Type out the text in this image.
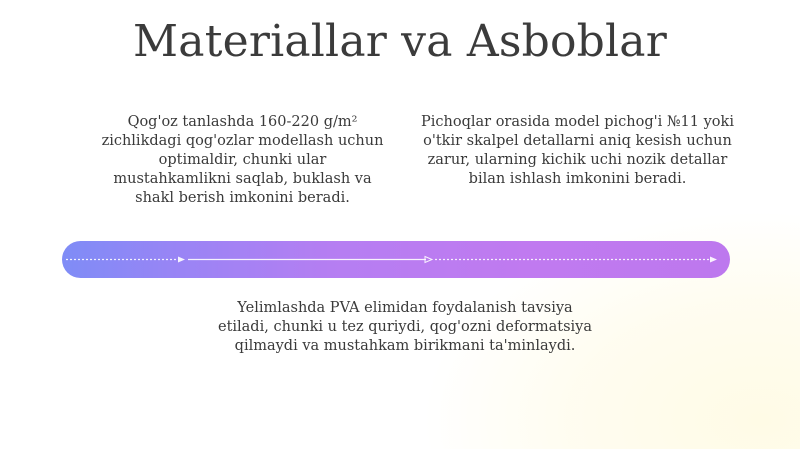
Materiallar va Asboblar
Qog'oz tanlashda 160-220 g/m² zichlikdagi qog'ozlar modellash uchun optimaldir, chunki ular mustahkamlikni saqlab, buklash va shakl berish imkonini beradi.
Pichoqlar orasida model pichog'i №11 yoki o'tkir skalpel detallarni aniq kesish uchun zarur, ularning kichik uchi nozik detallar bilan ishlash imkonini beradi.
Yelimlashda PVA elimidan foydalanish tavsiya etiladi, chunki u tez quriydi, qog'ozni deformatsiya qilmaydi va mustahkam birikmani ta'minlaydi.
